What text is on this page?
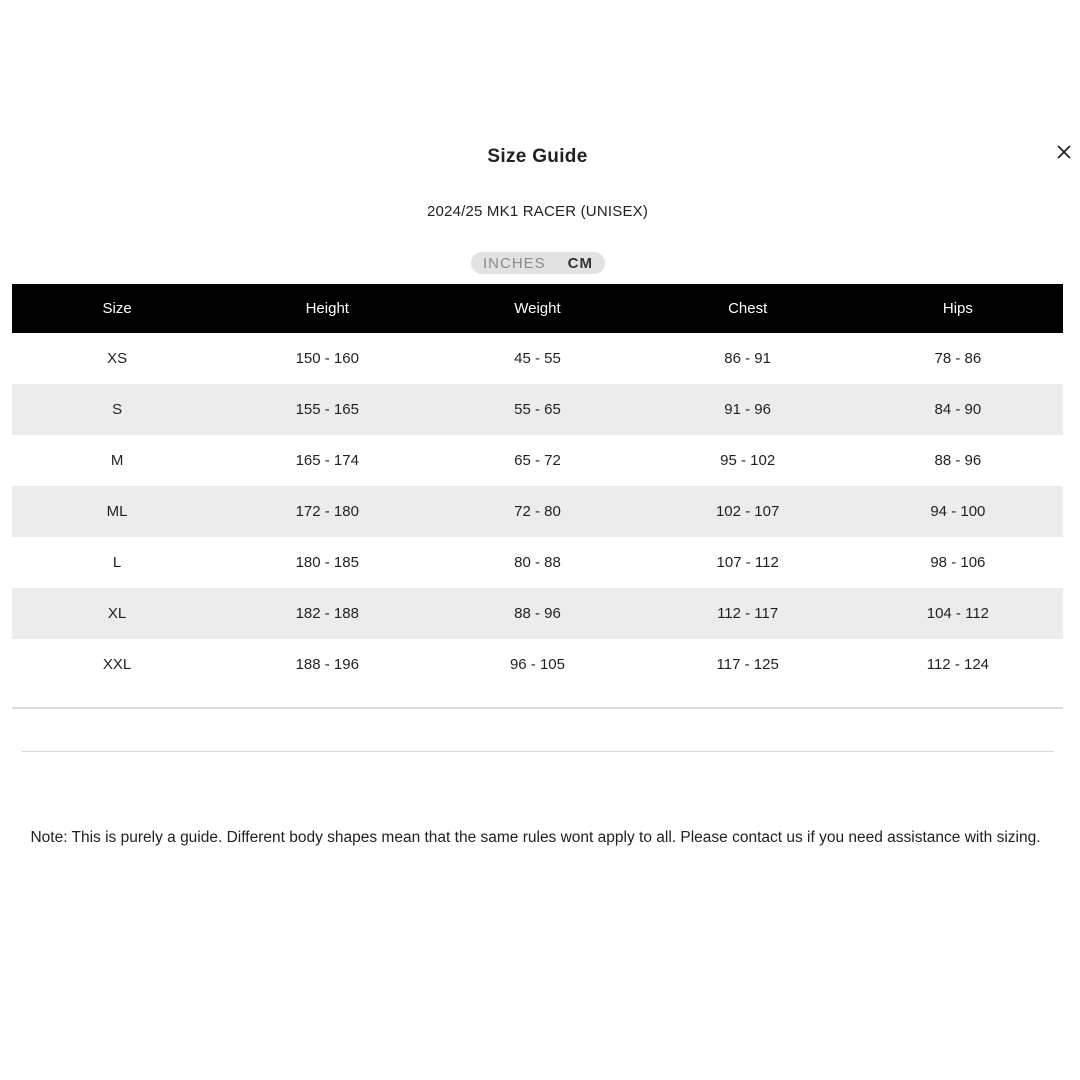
Size Guide
2024/25 MK1 RACER (UNISEX)
INCHES CM
Size	Height	Weight	Chest	Hips
XS	150 - 160	45 - 55	86 - 91	78 - 86
S	155 - 165	55 - 65	91 - 96	84 - 90
M	165 - 174	65 - 72	95 - 102	88 - 96
ML	172 - 180	72 - 80	102 - 107	94 - 100
L	180 - 185	80 - 88	107 - 112	98 - 106
XL	182 - 188	88 - 96	112 - 117	104 - 112
XXL	188 - 196	96 - 105	117 - 125	112 - 124
Note: This is purely a guide. Different body shapes mean that the same rules wont apply to all. Please contact us if you need assistance with sizing.
